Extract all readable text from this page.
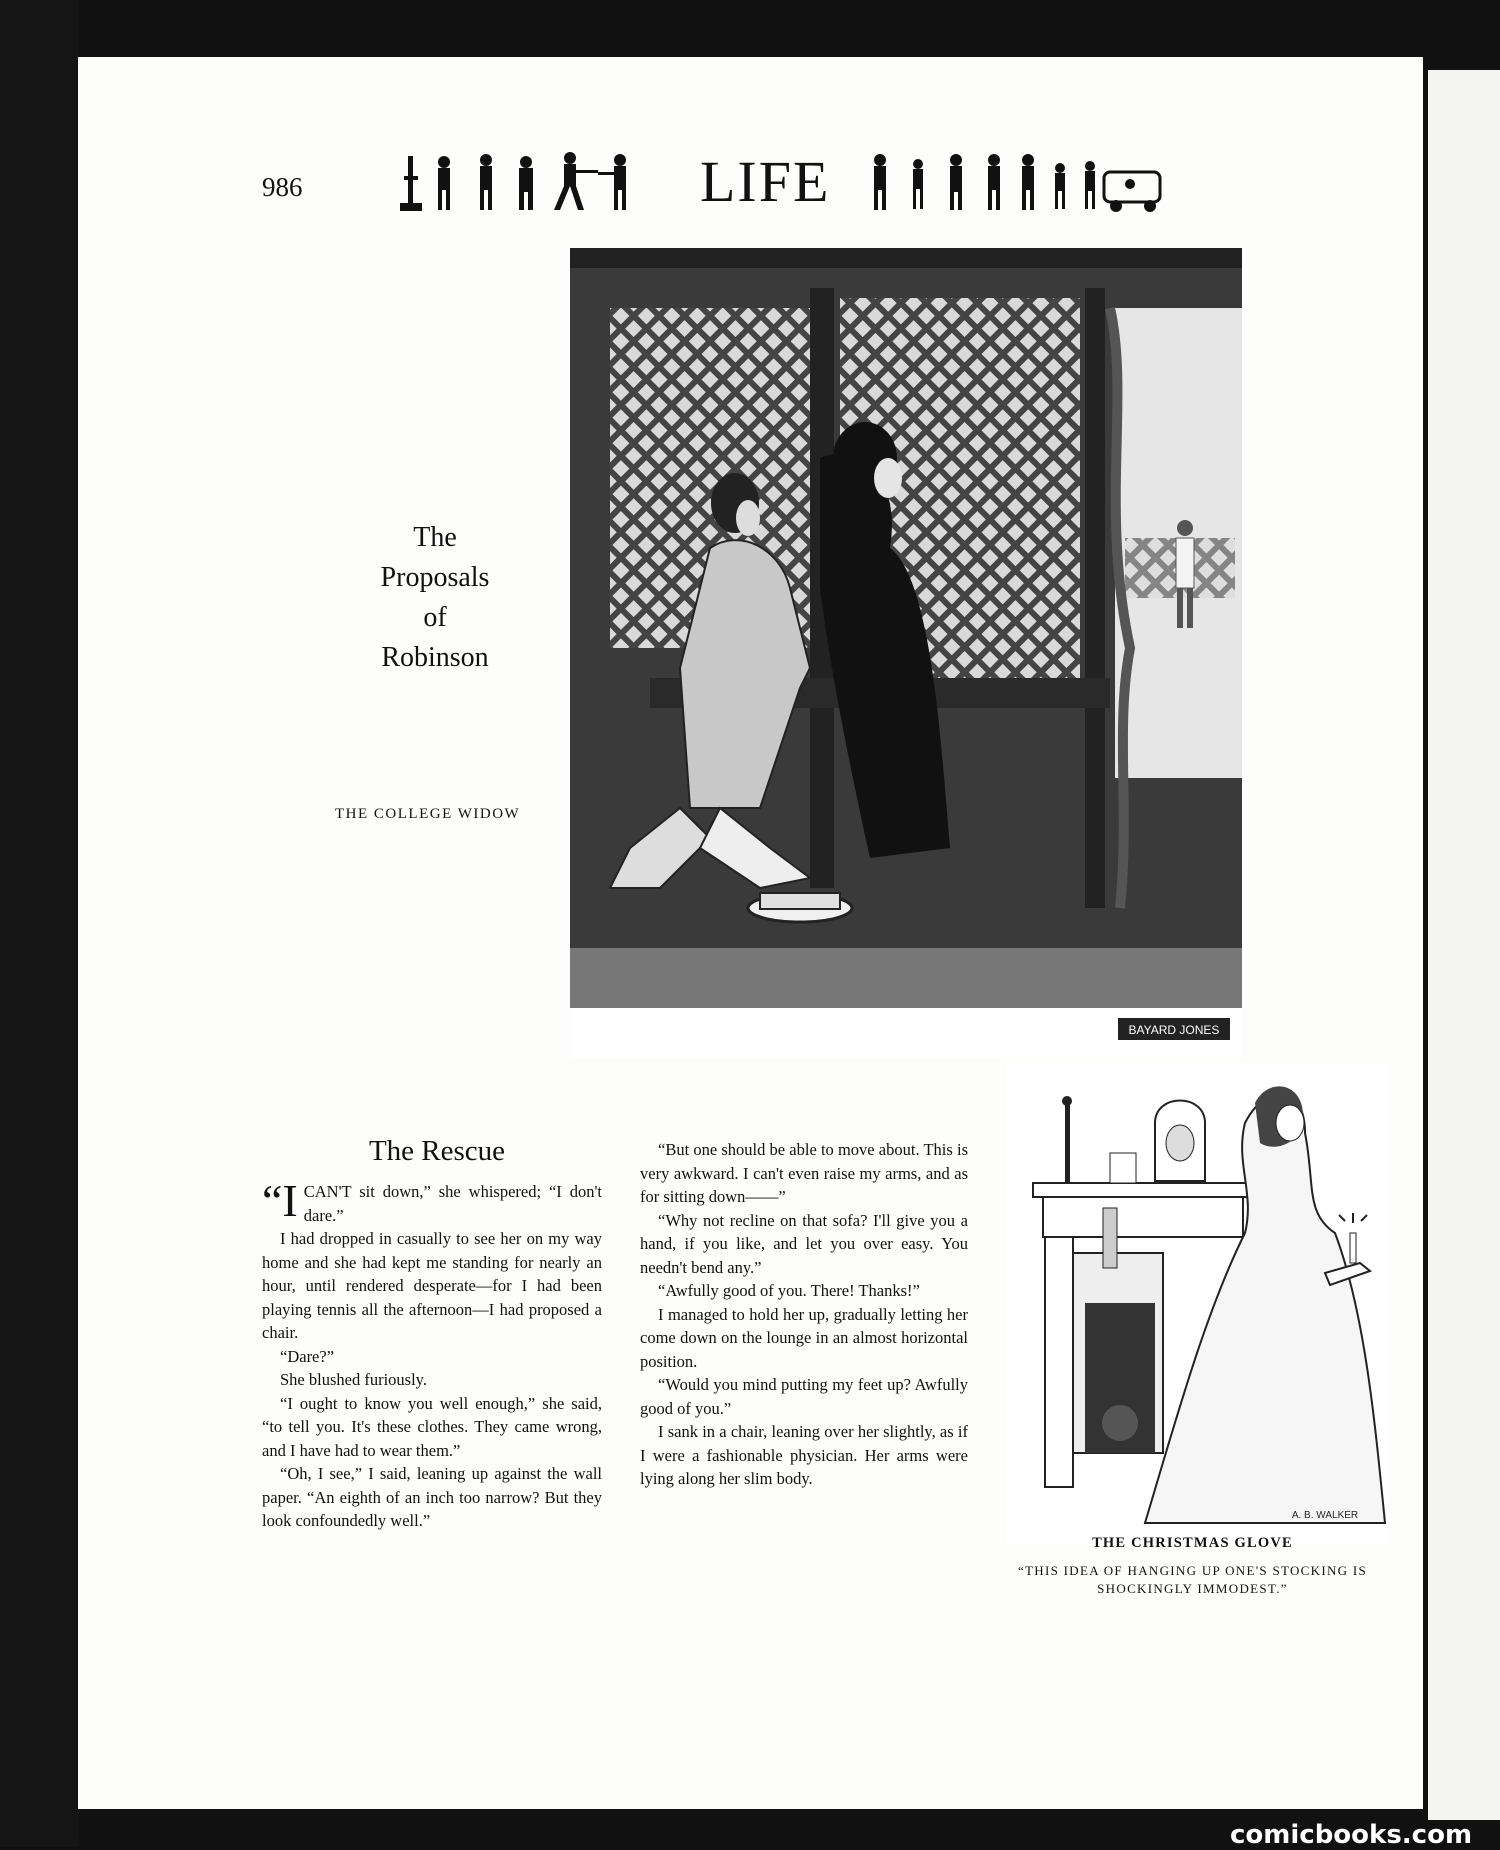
986	LIFE
BAYARD JONES
The
Proposals
of
Robinson
THE COLLEGE WIDOW
The Rescue

“I CAN'T sit down,” she whispered; “I don't dare.”

I had dropped in casually to see her on my way home and she had kept me standing for nearly an hour, until rendered desperate—for I had been playing tennis all the afternoon—I had proposed a chair.

“Dare?”

She blushed furiously.

“I ought to know you well enough,” she said, “to tell you. It's these clothes. They came wrong, and I have had to wear them.”

“Oh, I see,” I said, leaning up against the wall paper. “An eighth of an inch too narrow? But they look confoundedly well.”

“But one should be able to move about. This is very awkward. I can't even raise my arms, and as for sitting down——”

“Why not recline on that sofa? I'll give you a hand, if you like, and let you over easy. You needn't bend any.”

“Awfully good of you. There! Thanks!”

I managed to hold her up, gradually letting her come down on the lounge in an almost horizontal position.

“Would you mind putting my feet up? Awfully good of you.”

I sank in a chair, leaning over her slightly, as if I were a fashionable physician. Her arms were lying along her slim body.

A. B. WALKER
THE CHRISTMAS GLOVE
“THIS IDEA OF HANGING UP ONE'S STOCKING IS SHOCKINGLY IMMODEST.”
comicbooks.com
